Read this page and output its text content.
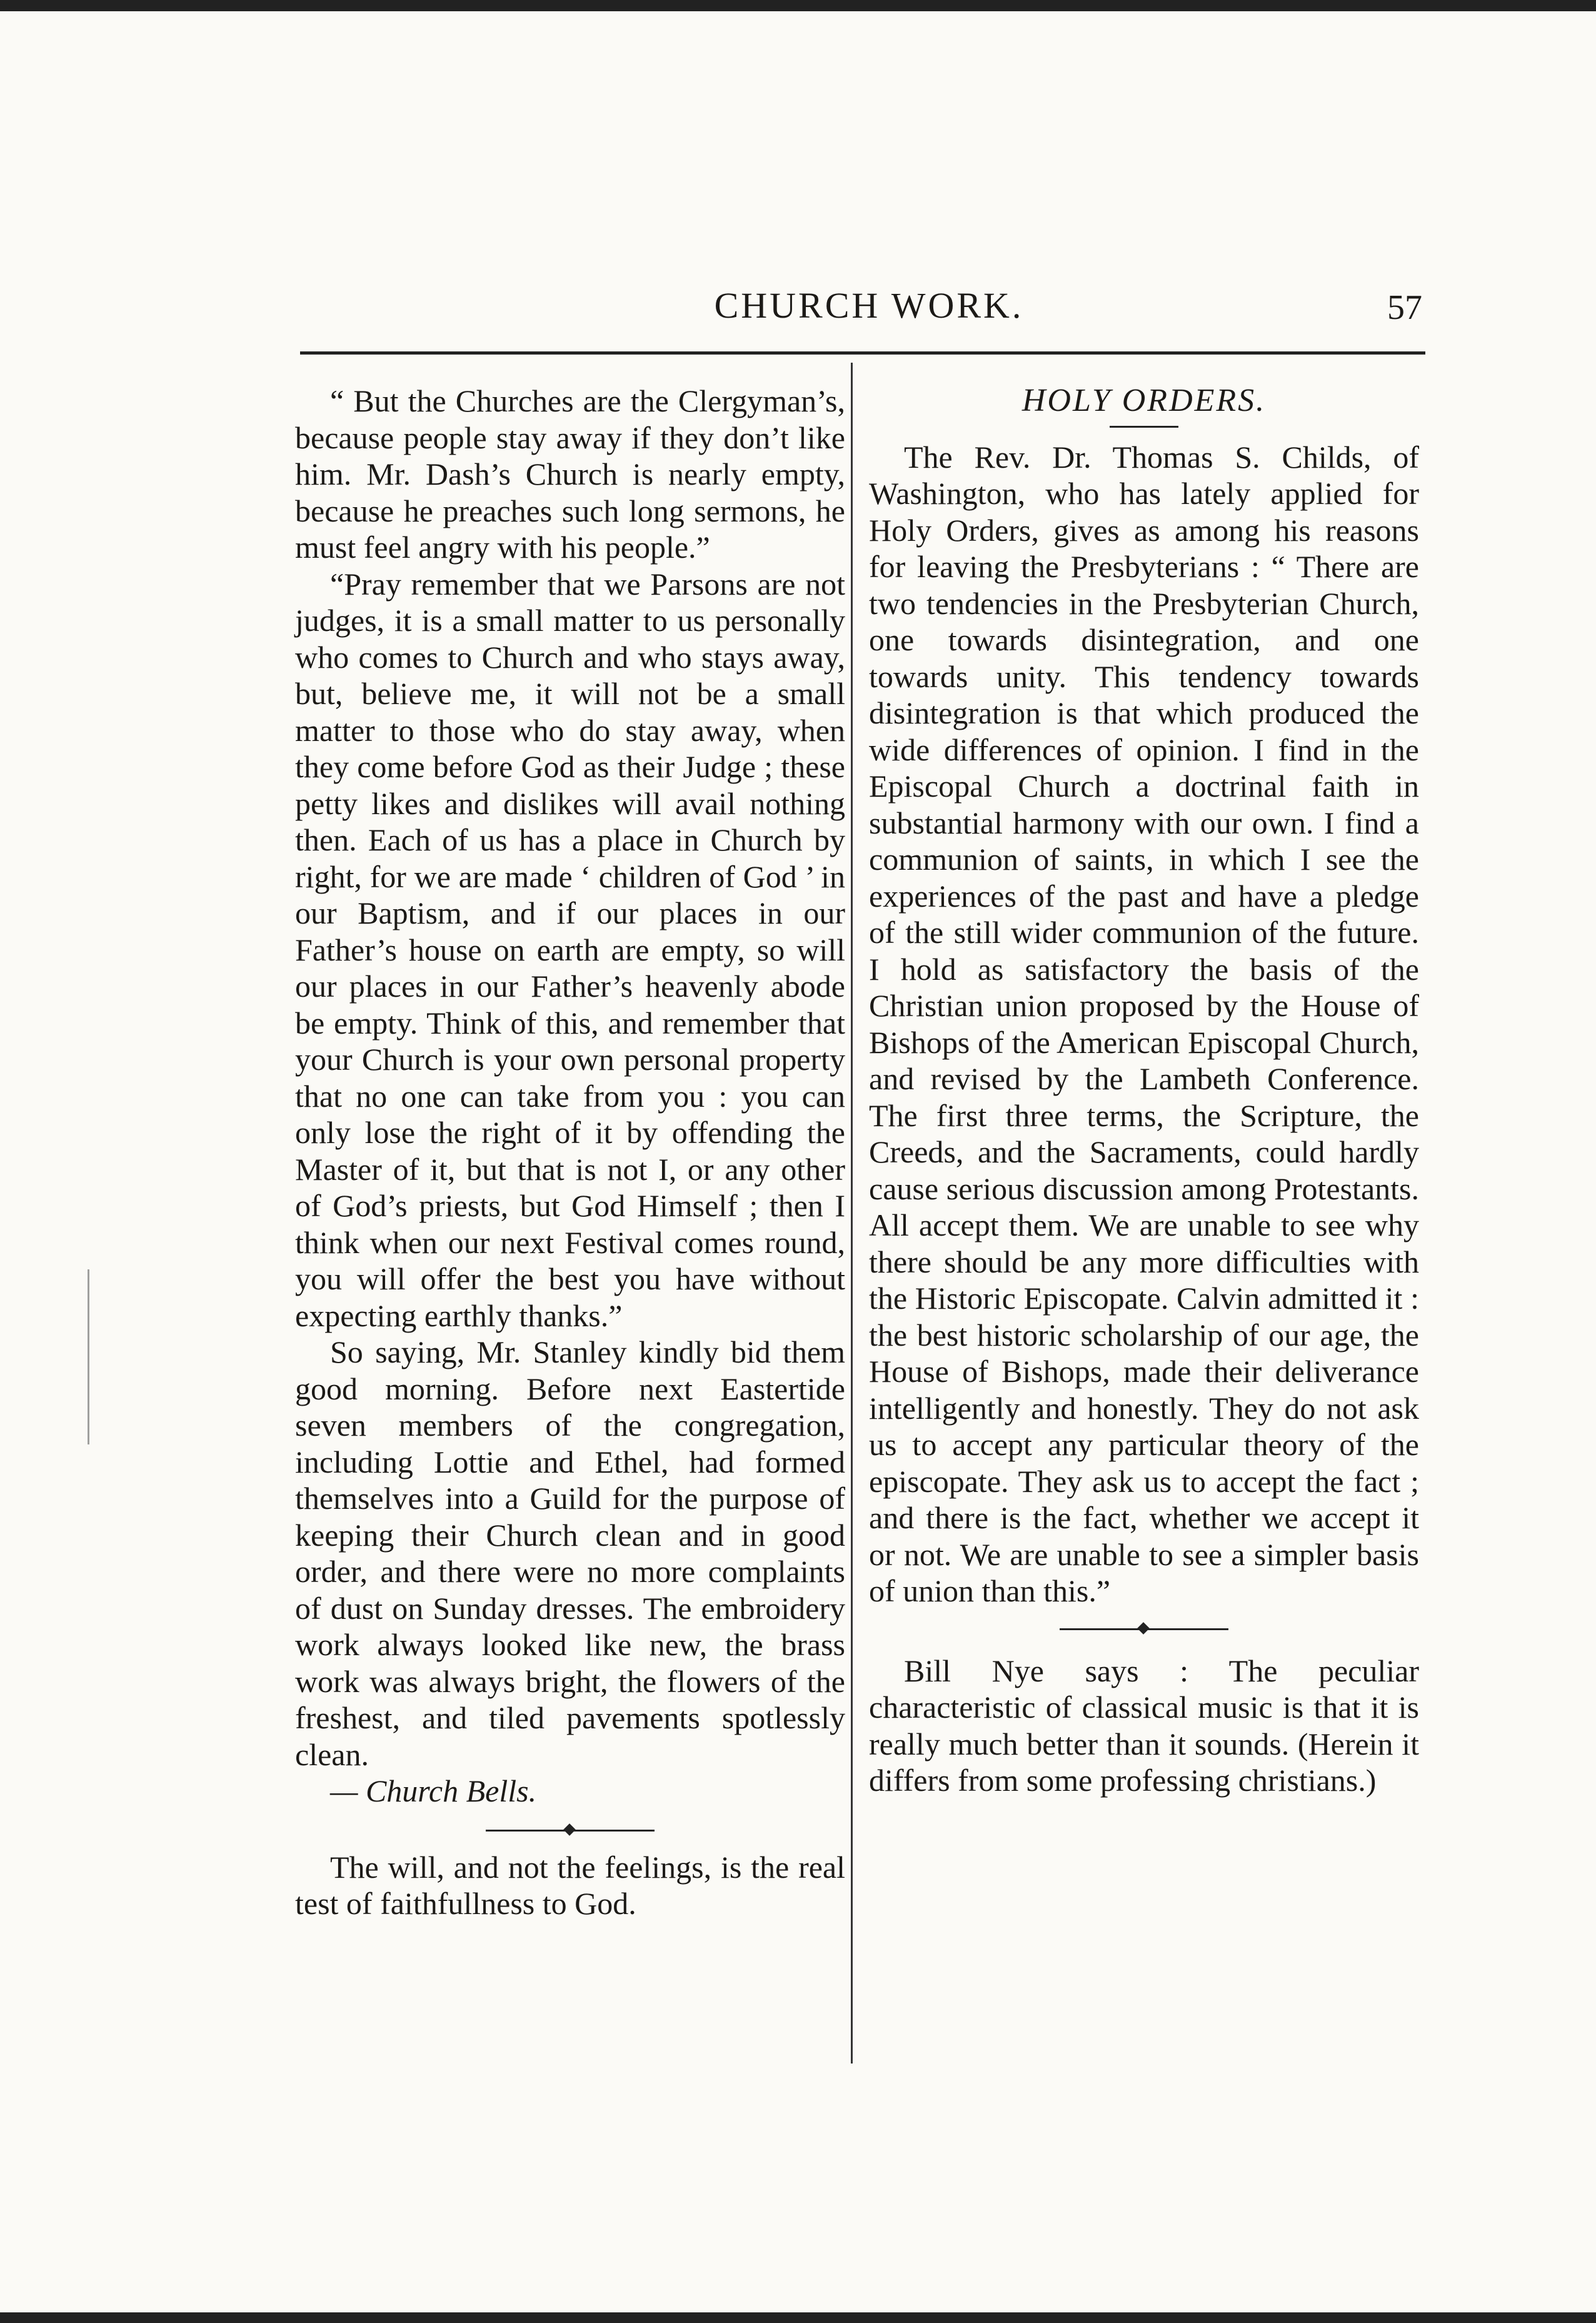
CHURCH WORK.	57

“ But the Churches are the Clergyman’s, because people stay away if they don’t like him. Mr. Dash’s Church is nearly empty, because he preaches such long sermons, he must feel angry with his people.”

“Pray remember that we Parsons are not judges, it is a small matter to us personally who comes to Church and who stays away, but, believe me, it will not be a small matter to those who do stay away, when they come before God as their Judge ; these petty likes and dislikes will avail nothing then. Each of us has a place in Church by right, for we are made ‘ children of God ’ in our Baptism, and if our places in our Father’s house on earth are empty, so will our places in our Father’s heavenly abode be empty. Think of this, and remember that your Church is your own personal property that no one can take from you : you can only lose the right of it by offending the Master of it, but that is not I, or any other of God’s priests, but God Himself ; then I think when our next Festival comes round, you will offer the best you have without expecting earthly thanks.”

So saying, Mr. Stanley kindly bid them good morning. Before next Eastertide seven members of the congregation, including Lottie and Ethel, had formed themselves into a Guild for the purpose of keeping their Church clean and in good order, and there were no more complaints of dust on Sunday dresses. The embroidery work always looked like new, the brass work was always bright, the flowers of the freshest, and tiled pavements spotlessly clean.

— Church Bells.

The will, and not the feelings, is the real test of faithfullness to God.

HOLY ORDERS.

The Rev. Dr. Thomas S. Childs, of Washington, who has lately applied for Holy Orders, gives as among his reasons for leaving the Presbyterians : “ There are two tendencies in the Presbyterian Church, one towards disintegration, and one towards unity. This tendency towards disintegration is that which produced the wide differences of opinion. I find in the Episcopal Church a doctrinal faith in substantial harmony with our own. I find a communion of saints, in which I see the experiences of the past and have a pledge of the still wider communion of the future. I hold as satisfactory the basis of the Christian union proposed by the House of Bishops of the American Episcopal Church, and revised by the Lambeth Conference. The first three terms, the Scripture, the Creeds, and the Sacraments, could hardly cause serious discussion among Protestants. All accept them. We are unable to see why there should be any more difficulties with the Historic Episcopate. Calvin admitted it : the best historic scholarship of our age, the House of Bishops, made their deliverance intelligently and honestly. They do not ask us to accept any particular theory of the episcopate. They ask us to accept the fact ; and there is the fact, whether we accept it or not. We are unable to see a simpler basis of union than this.”

Bill Nye says : The peculiar characteristic of classical music is that it is really much better than it sounds. (Herein it differs from some professing christians.)
